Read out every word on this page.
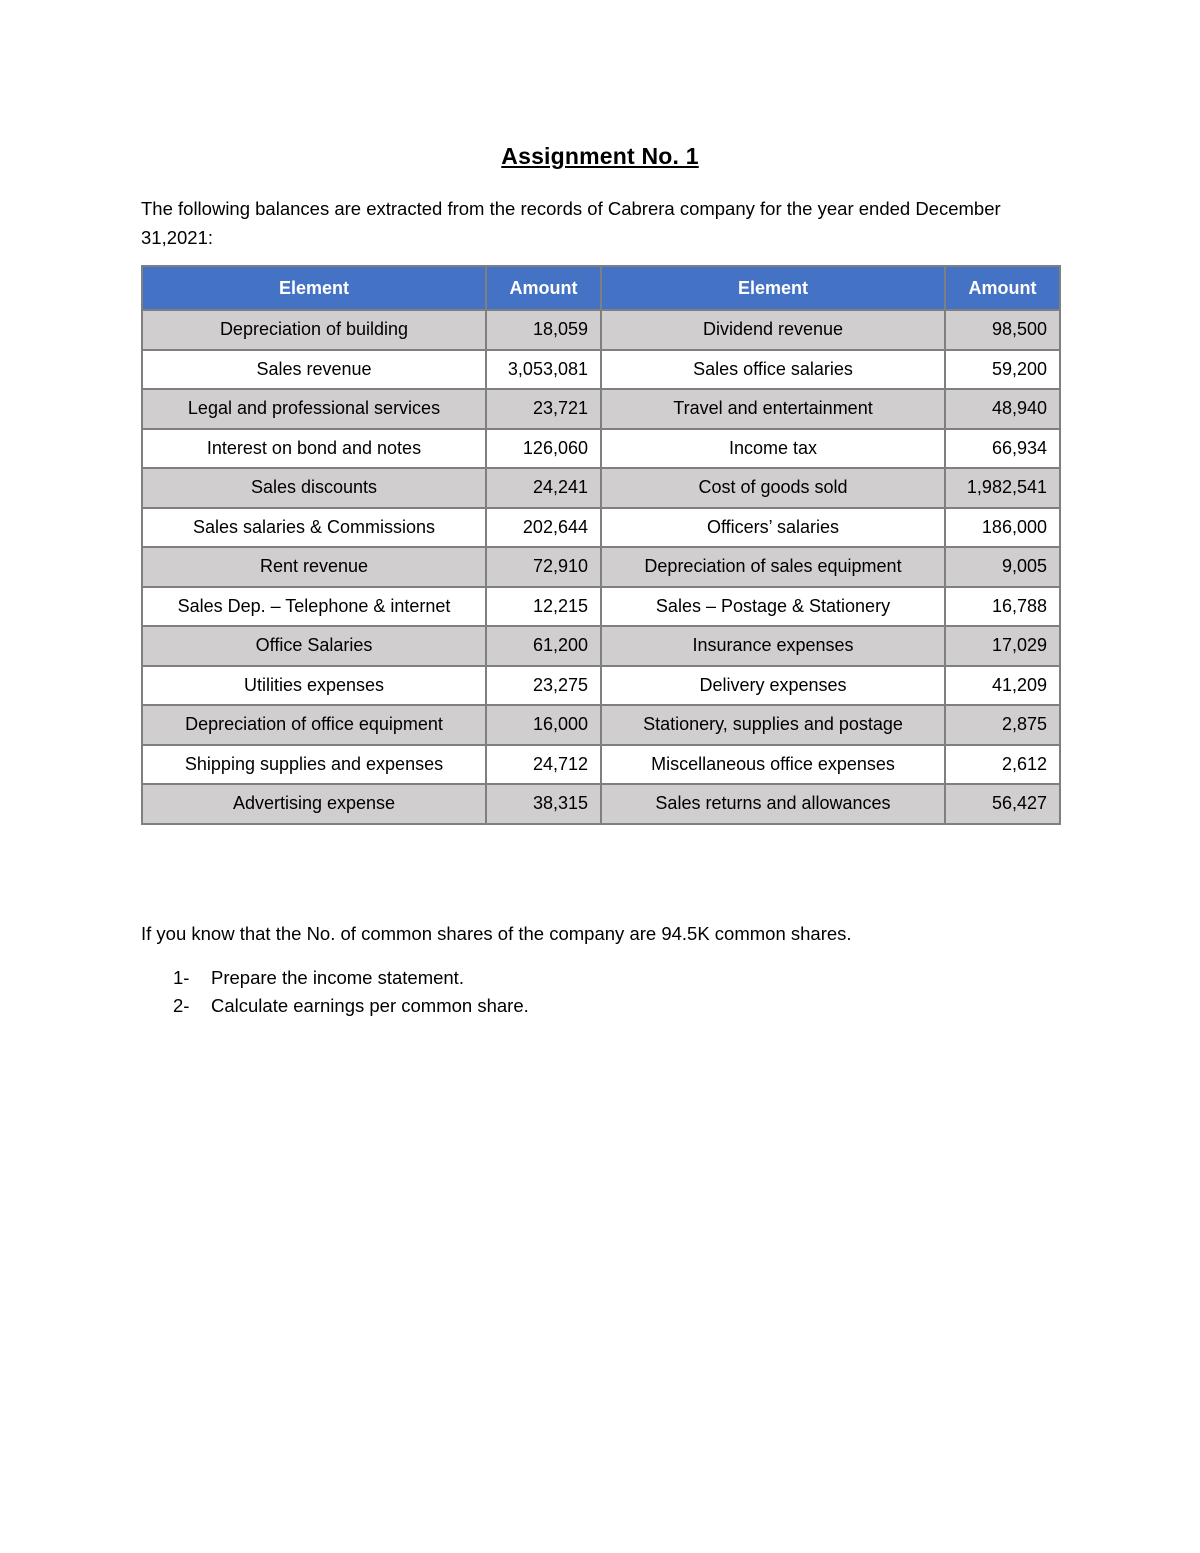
Assignment No. 1
The following balances are extracted from the records of Cabrera company for the year ended December 31,2021:
Element	Amount	Element	Amount
Depreciation of building	18,059	Dividend revenue	98,500
Sales revenue	3,053,081	Sales office salaries	59,200
Legal and professional services	23,721	Travel and entertainment	48,940
Interest on bond and notes	126,060	Income tax	66,934
Sales discounts	24,241	Cost of goods sold	1,982,541
Sales salaries & Commissions	202,644	Officers’ salaries	186,000
Rent revenue	72,910	Depreciation of sales equipment	9,005
Sales Dep. – Telephone & internet	12,215	Sales – Postage & Stationery	16,788
Office Salaries	61,200	Insurance expenses	17,029
Utilities expenses	23,275	Delivery expenses	41,209
Depreciation of office equipment	16,000	Stationery, supplies and postage	2,875
Shipping supplies and expenses	24,712	Miscellaneous office expenses	2,612
Advertising expense	38,315	Sales returns and allowances	56,427
If you know that the No. of common shares of the company are 94.5K common shares.
1-	Prepare the income statement.
2-	Calculate earnings per common share.
